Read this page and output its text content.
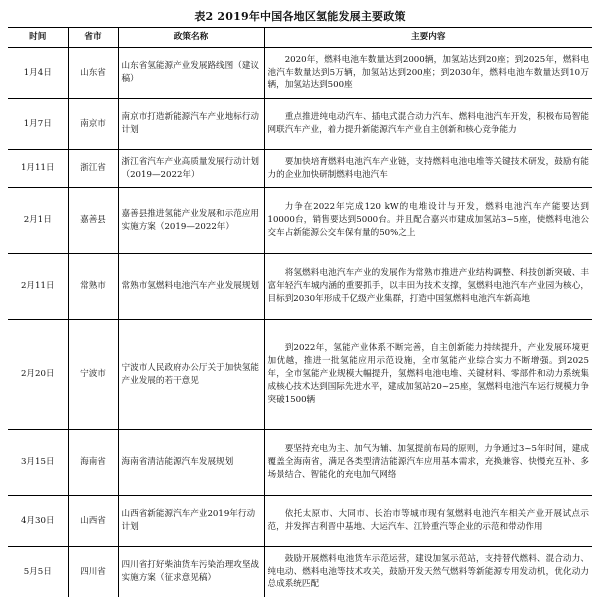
表2 2019年中国各地区氢能发展主要政策
时间	省市	政策名称	主要内容
1月4日	山东省	山东省氢能源产业发展路线图（建议稿）	2020年，燃料电池车数量达到2000辆，加氢站达到20座；到2025年，燃料电池汽车数量达到5万辆，加氢站达到200座；到2030年，燃料电池车数量达到10万辆，加氢站达到500座
1月7日	南京市	南京市打造新能源汽车产业地标行动计划	重点推进纯电动汽车、插电式混合动力汽车、燃料电池汽车开发，积极布局智能网联汽车产业，着力提升新能源汽车产业自主创新和核心竞争能力
1月11日	浙江省	浙江省汽车产业高质量发展行动计划（2019—2022年）	要加快培育燃料电池汽车产业链，支持燃料电池电堆等关键技术研发，鼓励有能力的企业加快研制燃料电池汽车
2月1日	嘉善县	嘉善县推进氢能产业发展和示范应用实施方案（2019—2022年）	力争在2022年完成120 kW的电堆设计与开发，燃料电池汽车产能要达到10000台，销售要达到5000台。并且配合嘉兴市建成加氢站3~5座，使燃料电池公交车占新能源公交车保有量的50%之上
2月11日	常熟市	常熟市氢燃料电池汽车产业发展规划	将氢燃料电池汽车产业的发展作为常熟市推进产业结构调整、科技创新突破、丰富年轻汽车城内涵的重要抓手，以丰田为技术支撑，氢燃料电池汽车产业园为核心，目标到2030年形成千亿级产业集群，打造中国氢燃料电池汽车新高地
2月20日	宁波市	宁波市人民政府办公厅关于加快氢能产业发展的若干意见	到2022年，氢能产业体系不断完善，自主创新能力持续提升，产业发展环境更加优越，推进一批氢能应用示范设施，全市氢能产业综合实力不断增强。到2025年，全市氢能产业规模大幅提升，氢燃料电池电堆、关键材料、零部件和动力系统集成核心技术达到国际先进水平，建成加氢站20~25座，氢燃料电池汽车运行规模力争突破1500辆
3月15日	海南省	海南省清洁能源汽车发展规划	要坚持充电为主、加气为辅、加氢提前布局的原则，力争通过3~5年时间，建成覆盖全海南省，满足各类型清洁能源汽车应用基本需求，充换兼容、快慢充互补、多场景结合、智能化的充电加气网络
4月30日	山西省	山西省新能源汽车产业2019年行动计划	依托太原市、大同市、长治市等城市现有氢燃料电池汽车相关产业开展试点示范，并发挥吉利晋中基地、大运汽车、江铃重汽等企业的示范和带动作用
5月5日	四川省	四川省打好柴油货车污染治理攻坚战实施方案（征求意见稿）	鼓励开展燃料电池货车示范运营，建设加氢示范站，支持替代燃料、混合动力、纯电动、燃料电池等技术攻关，鼓励开发天然气燃料等新能源专用发动机，优化动力总成系统匹配
